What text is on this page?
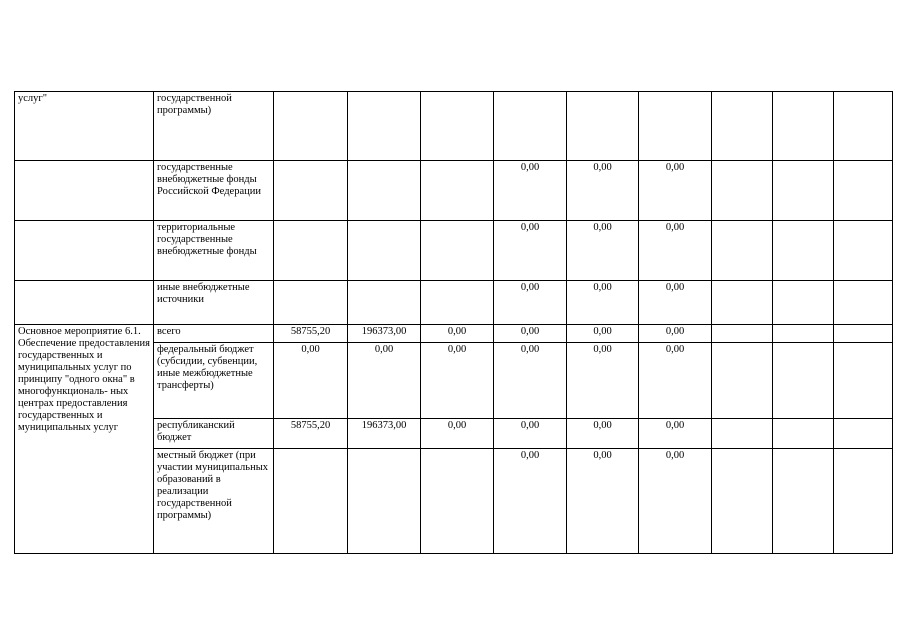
услуг"	государственной программы)									
	государственные внебюджетные фонды Российской Федерации				0,00	0,00	0,00			
	территориальные государственные внебюджетные фонды				0,00	0,00	0,00			
	иные внебюджетные источники				0,00	0,00	0,00			
Основное мероприятие 6.1. Обеспечение предоставления государственных и муниципальных услуг по принципу "одного окна" в многофункциональ- ных центрах предоставления государственных и муниципальных услуг	всего	58755,20	196373,00	0,00	0,00	0,00	0,00			
	федеральный бюджет (субсидии, субвенции, иные межбюджетные трансферты)	0,00	0,00	0,00	0,00	0,00	0,00			
	республиканский бюджет	58755,20	196373,00	0,00	0,00	0,00	0,00			
	местный бюджет (при участии муниципальных образований в реализации государственной программы)				0,00	0,00	0,00			
